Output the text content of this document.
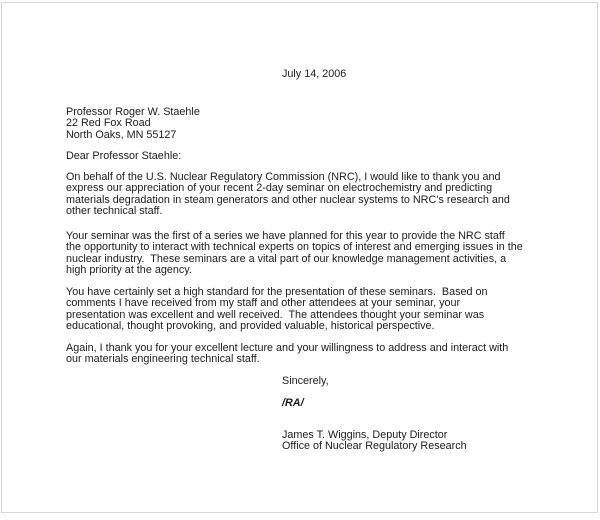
July 14, 2006
Professor Roger W. Staehle
22 Red Fox Road
North Oaks, MN 55127
Dear Professor Staehle:
On behalf of the U.S. Nuclear Regulatory Commission (NRC), I would like to thank you and
express our appreciation of your recent 2-day seminar on electrochemistry and predicting
materials degradation in steam generators and other nuclear systems to NRC’s research and
other technical staff.
Your seminar was the first of a series we have planned for this year to provide the NRC staff
the opportunity to interact with technical experts on topics of interest and emerging issues in the
nuclear industry.  These seminars are a vital part of our knowledge management activities, a
high priority at the agency.
You have certainly set a high standard for the presentation of these seminars.  Based on
comments I have received from my staff and other attendees at your seminar, your
presentation was excellent and well received.  The attendees thought your seminar was
educational, thought provoking, and provided valuable, historical perspective.
Again, I thank you for your excellent lecture and your willingness to address and interact with
our materials engineering technical staff.
Sincerely,
/RA/
James T. Wiggins, Deputy Director
Office of Nuclear Regulatory Research
